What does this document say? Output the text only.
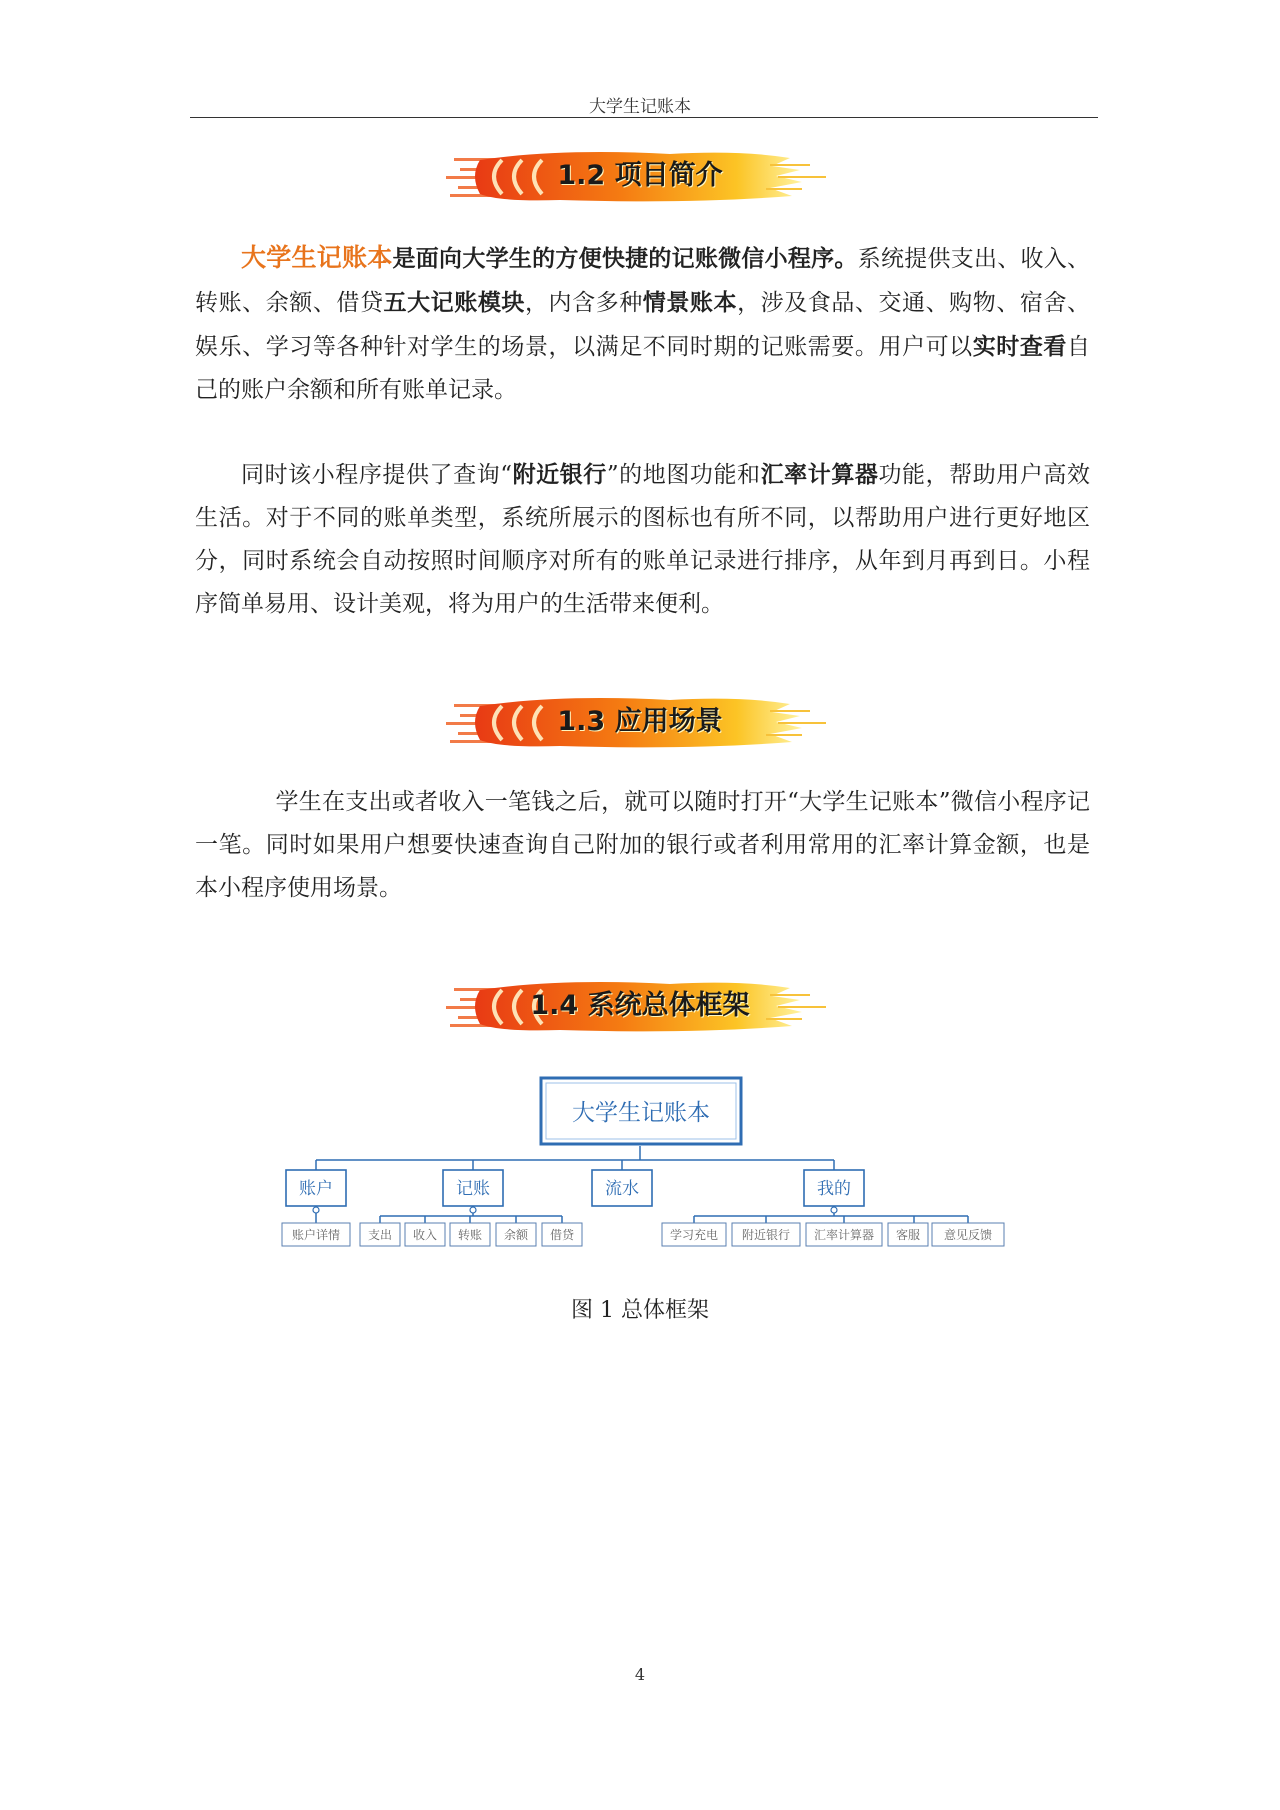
大学生记账本
1.2 项目简介

大学生记账本是面向大学生的方便快捷的记账微信小程序。系统提供支出、收入、转账、余额、借贷五大记账模块，内含多种情景账本，涉及食品、交通、购物、宿舍、娱乐、学习等各种针对学生的场景，以满足不同时期的记账需要。用户可以实时查看自己的账户余额和所有账单记录。

同时该小程序提供了查询“附近银行”的地图功能和汇率计算器功能，帮助用户高效生活。对于不同的账单类型，系统所展示的图标也有所不同，以帮助用户进行更好地区分，同时系统会自动按照时间顺序对所有的账单记录进行排序，从年到月再到日。小程序简单易用、设计美观，将为用户的生活带来便利。

1.3 应用场景

学生在支出或者收入一笔钱之后，就可以随时打开“大学生记账本”微信小程序记一笔。同时如果用户想要快速查询自己附加的银行或者利用常用的汇率计算金额，也是本小程序使用场景。

1.4 系统总体框架
大学生记账本
账户	记账	流水	我的
账户详情 支出 收入 转账 余额 借贷	学习充电 附近银行 汇率计算器 客服 意见反馈
图 1 总体框架
4
